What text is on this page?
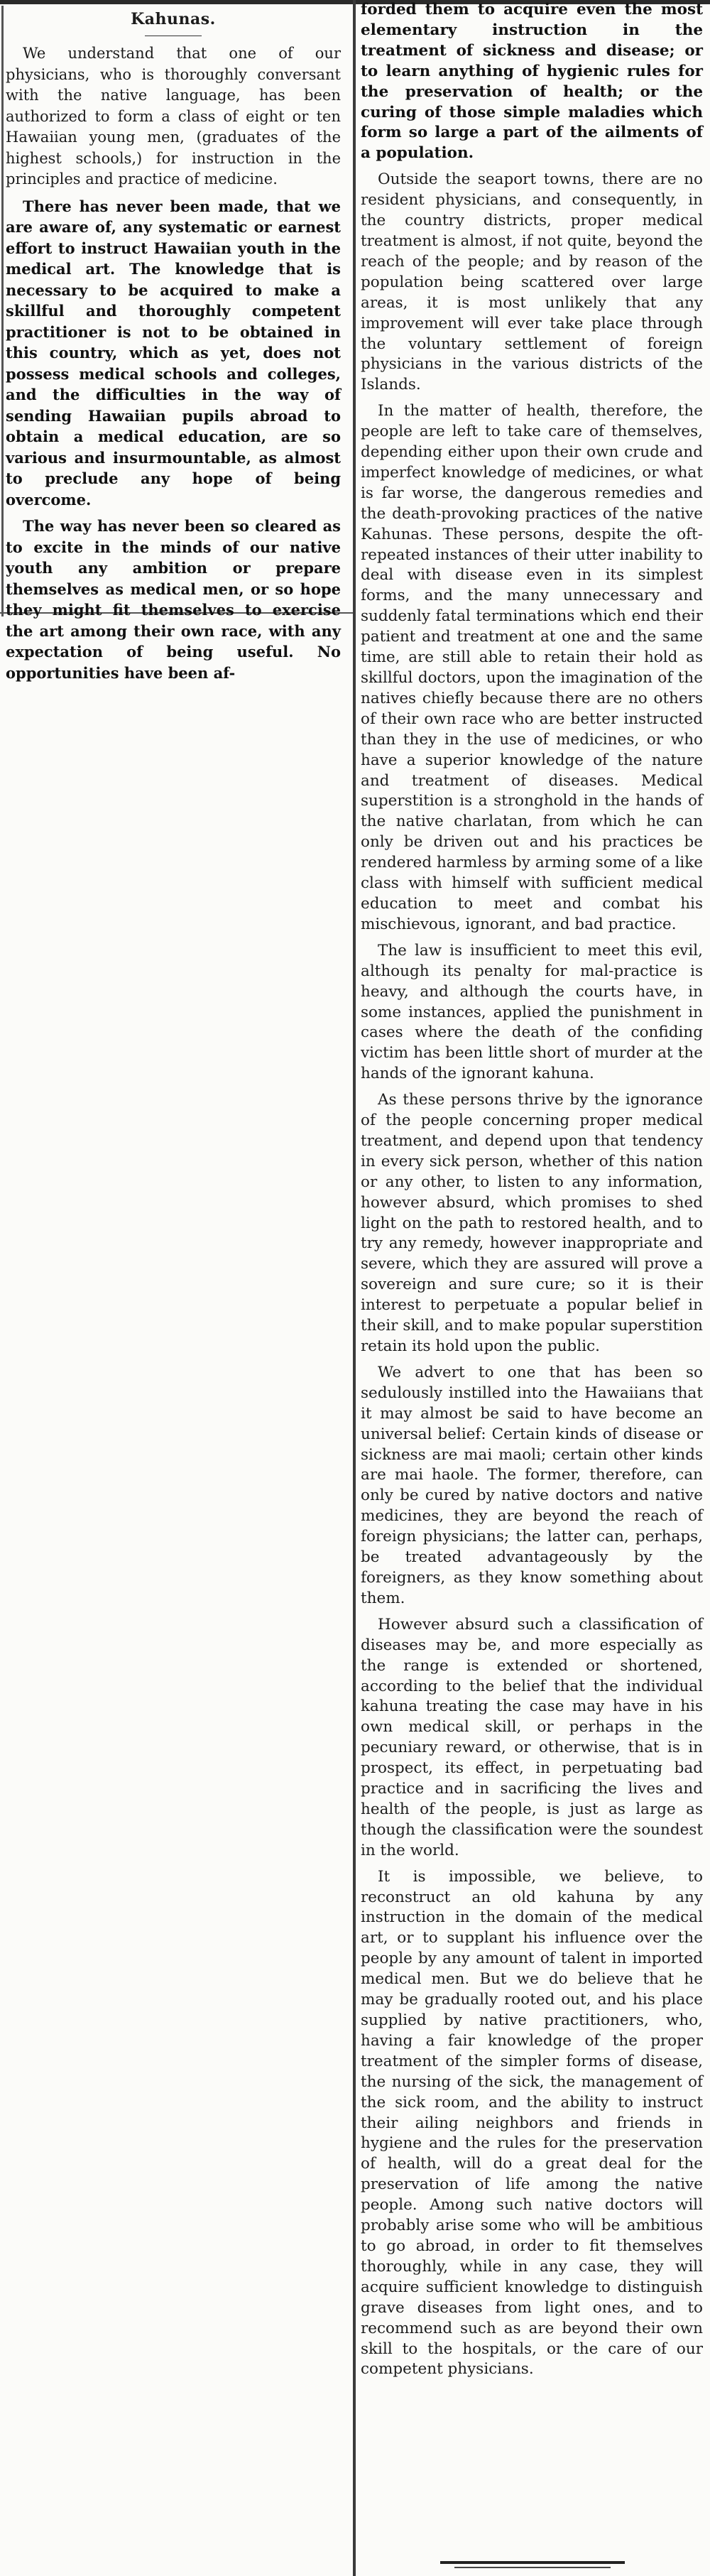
Kahunas.

We understand that one of our physicians, who is thoroughly conversant with the native language, has been authorized to form a class of eight or ten Hawaiian young men, (graduates of the highest schools,) for instruction in the principles and practice of medicine.

There has never been made, that we are aware of, any systematic or earnest effort to instruct Hawaiian youth in the medical art. The knowledge that is necessary to be acquired to make a skillful and thoroughly competent practitioner is not to be obtained in this country, which as yet, does not possess medical schools and colleges, and the difficulties in the way of sending Hawaiian pupils abroad to obtain a medical education, are so various and insurmountable, as almost to preclude any hope of being overcome.

The way has never been so cleared as to excite in the minds of our native youth any ambition or prepare themselves as medical men, or so hope they might fit themselves to exercise the art among their own race, with any expectation of being useful. No opportunities have been af-

forded them to acquire even the most elementary instruction in the treatment of sickness and disease; or to learn anything of hygienic rules for the preservation of health; or the curing of those simple maladies which form so large a part of the ailments of a population.

Outside the seaport towns, there are no resident physicians, and consequently, in the country districts, proper medical treatment is almost, if not quite, beyond the reach of the people; and by reason of the population being scattered over large areas, it is most unlikely that any improvement will ever take place through the voluntary settlement of foreign physicians in the various districts of the Islands.

In the matter of health, therefore, the people are left to take care of themselves, depending either upon their own crude and imperfect knowledge of medicines, or what is far worse, the dangerous remedies and the death-provoking practices of the native Kahunas. These persons, despite the oft-repeated instances of their utter inability to deal with disease even in its simplest forms, and the many unnecessary and suddenly fatal terminations which end their patient and treatment at one and the same time, are still able to retain their hold as skillful doctors, upon the imagination of the natives chiefly because there are no others of their own race who are better instructed than they in the use of medicines, or who have a superior knowledge of the nature and treatment of diseases. Medical superstition is a stronghold in the hands of the native charlatan, from which he can only be driven out and his practices be rendered harmless by arming some of a like class with himself with sufficient medical education to meet and combat his mischievous, ignorant, and bad practice.

The law is insufficient to meet this evil, although its penalty for mal-practice is heavy, and although the courts have, in some instances, applied the punishment in cases where the death of the confiding victim has been little short of murder at the hands of the ignorant kahuna.

As these persons thrive by the ignorance of the people concerning proper medical treatment, and depend upon that tendency in every sick person, whether of this nation or any other, to listen to any information, however absurd, which promises to shed light on the path to restored health, and to try any remedy, however inappropriate and severe, which they are assured will prove a sovereign and sure cure; so it is their interest to perpetuate a popular belief in their skill, and to make popular superstition retain its hold upon the public.

We advert to one that has been so sedulously instilled into the Hawaiians that it may almost be said to have become an universal belief: Certain kinds of disease or sickness are mai maoli; certain other kinds are mai haole. The former, therefore, can only be cured by native doctors and native medicines, they are beyond the reach of foreign physicians; the latter can, perhaps, be treated advantageously by the foreigners, as they know something about them.

However absurd such a classification of diseases may be, and more especially as the range is extended or shortened, according to the belief that the individual kahuna treating the case may have in his own medical skill, or perhaps in the pecuniary reward, or otherwise, that is in prospect, its effect, in perpetuating bad practice and in sacrificing the lives and health of the people, is just as large as though the classification were the soundest in the world.

It is impossible, we believe, to reconstruct an old kahuna by any instruction in the domain of the medical art, or to supplant his influence over the people by any amount of talent in imported medical men. But we do believe that he may be gradually rooted out, and his place supplied by native practitioners, who, having a fair knowledge of the proper treatment of the simpler forms of disease, the nursing of the sick, the management of the sick room, and the ability to instruct their ailing neighbors and friends in hygiene and the rules for the preservation of health, will do a great deal for the preservation of life among the native people. Among such native doctors will probably arise some who will be ambitious to go abroad, in order to fit themselves thoroughly, while in any case, they will acquire sufficient knowledge to distinguish grave diseases from light ones, and to recommend such as are beyond their own skill to the hospitals, or the care of our competent physicians.
